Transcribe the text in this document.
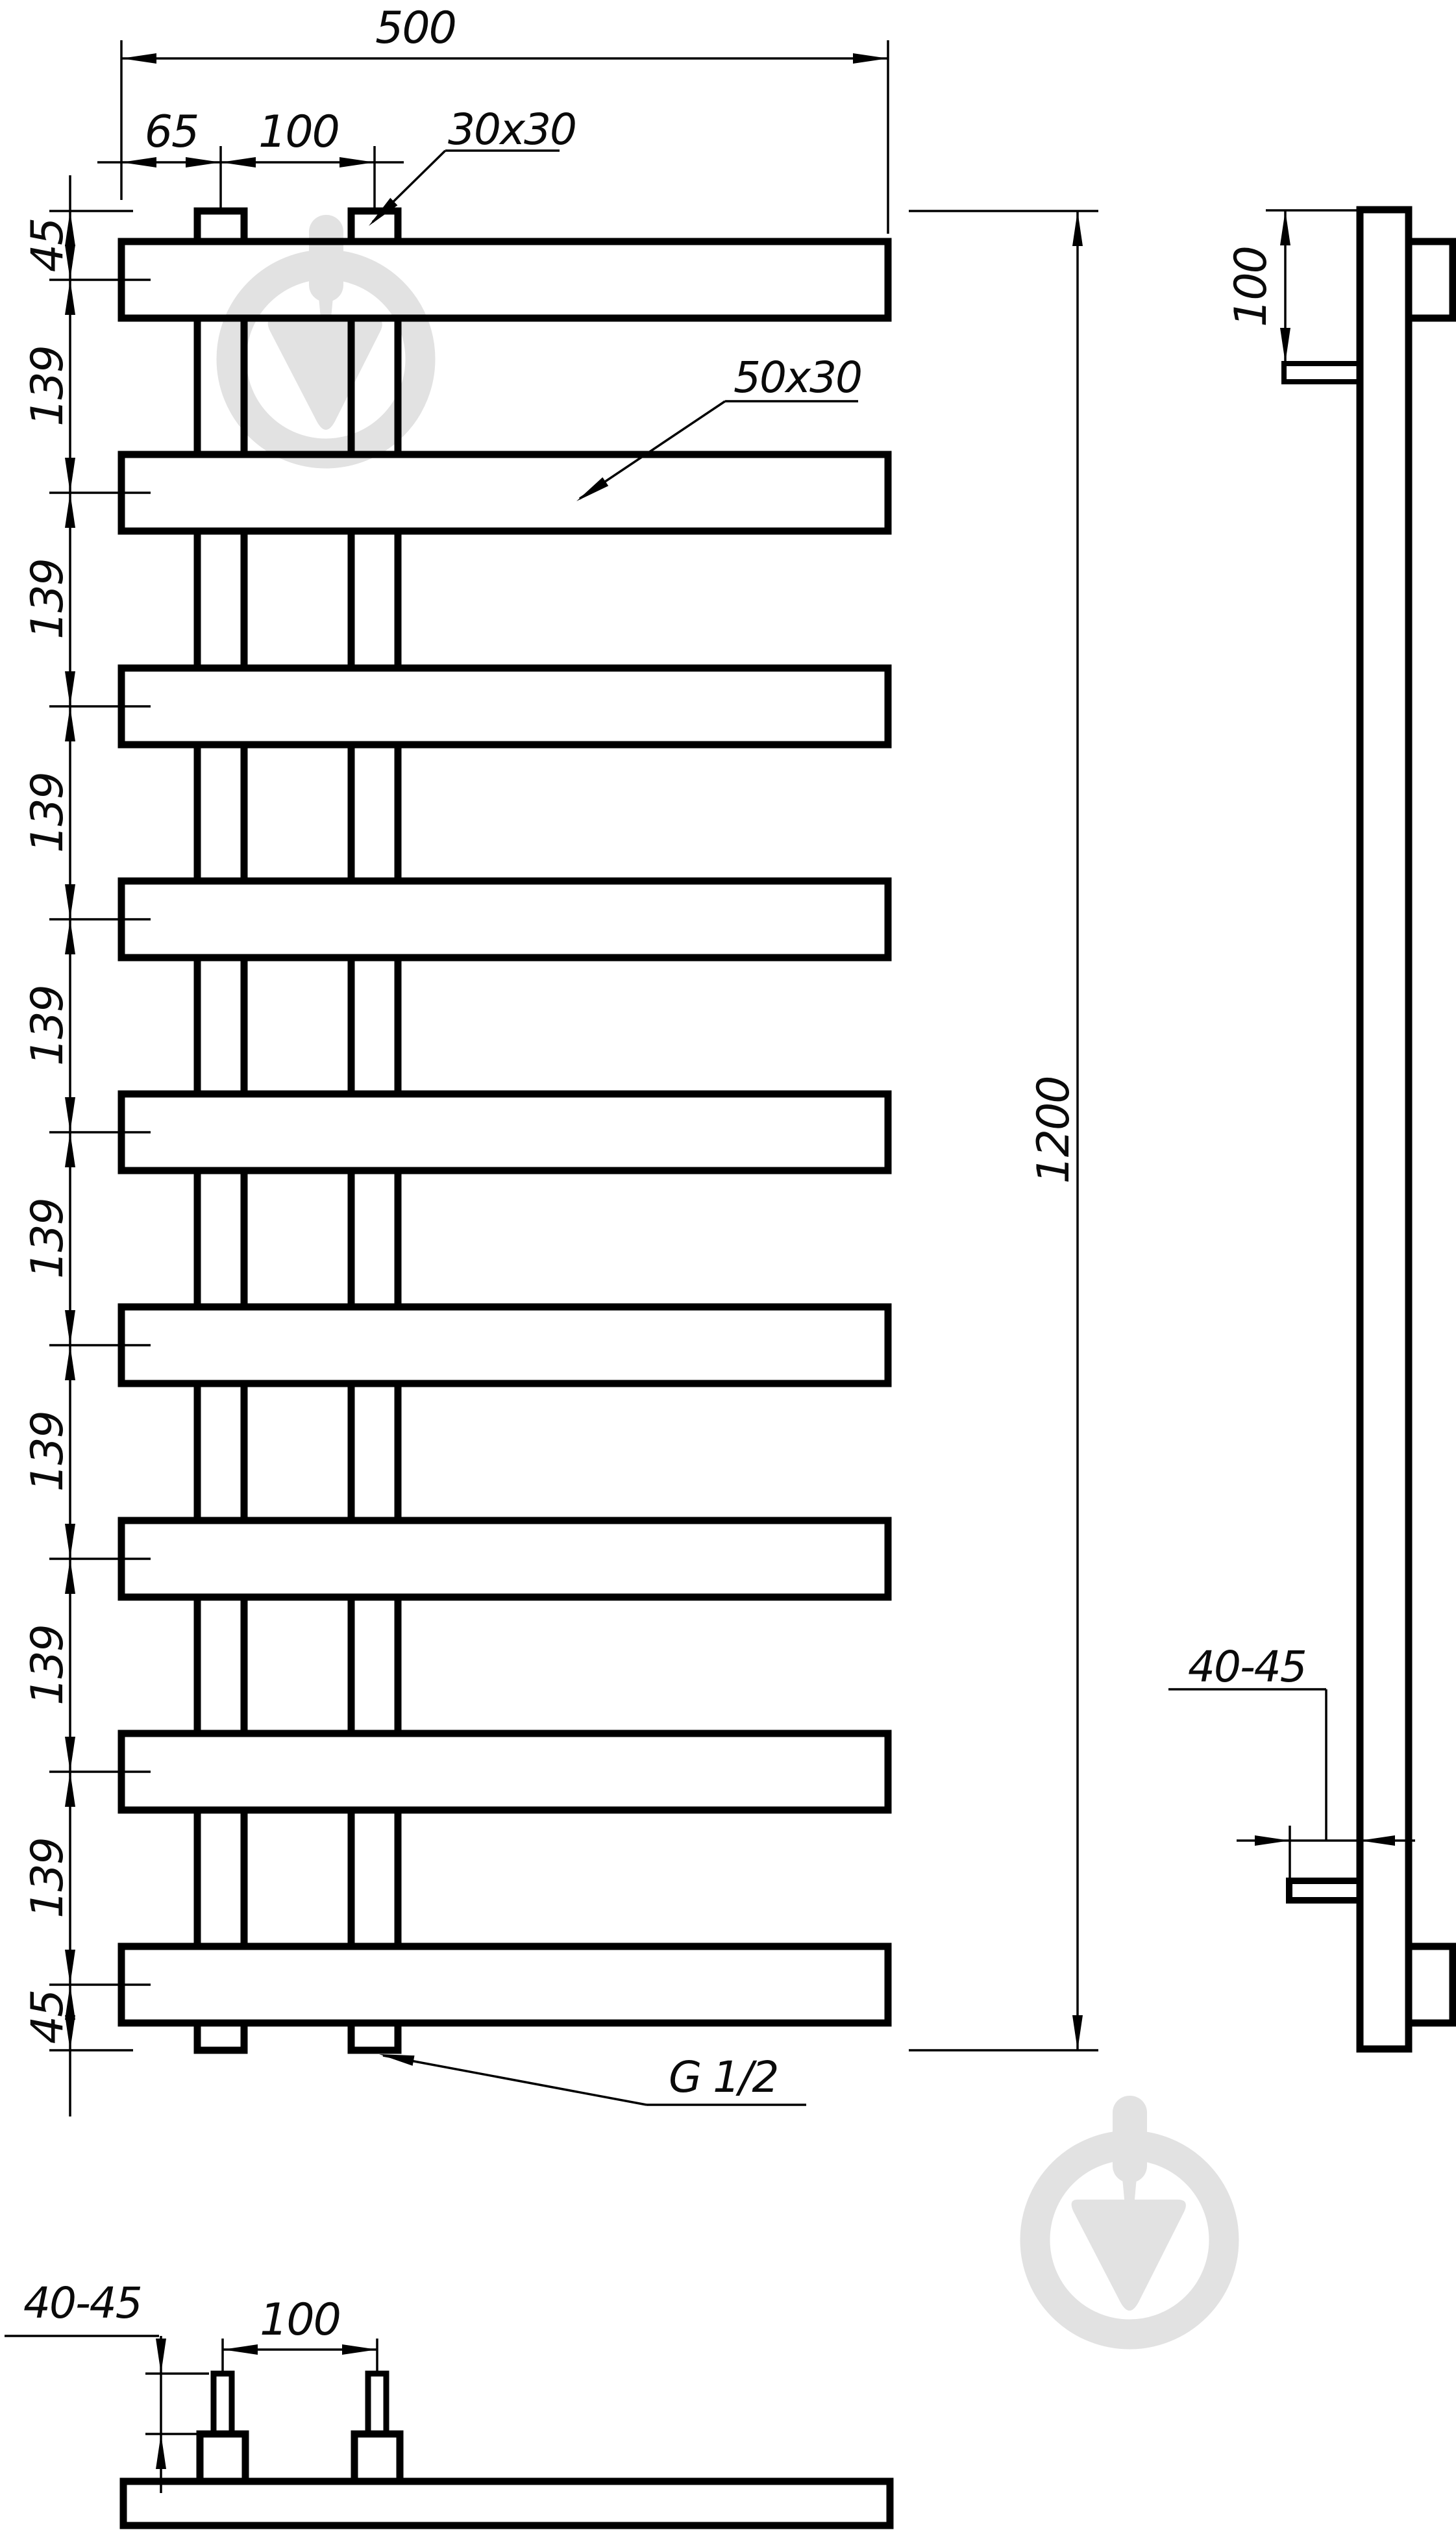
500
65 100	30x30
50x30
45
139
139
139
139
139
139
139
139
45
1200
G 1/2
100
40-45
40-45	100
